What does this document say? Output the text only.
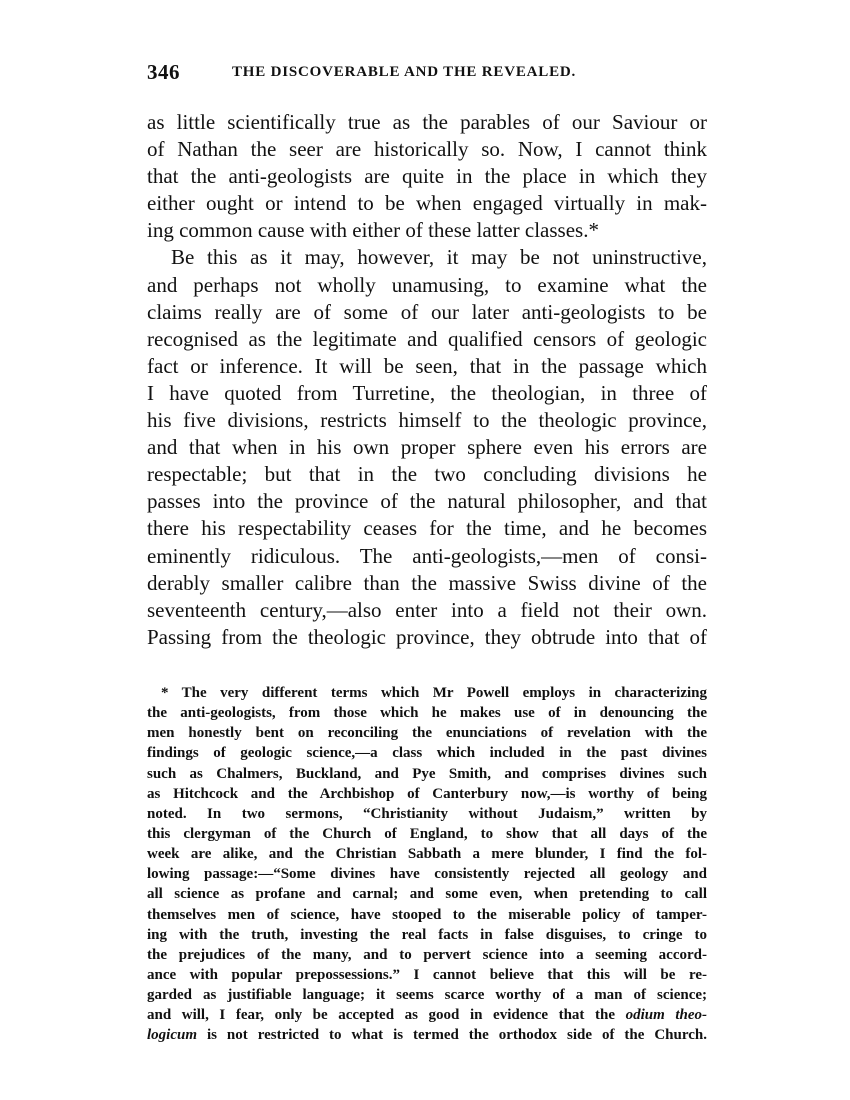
346	THE DISCOVERABLE AND THE REVEALED.
as little scientifically true as the parables of our Saviour or
of Nathan the seer are historically so. Now, I cannot think
that the anti-geologists are quite in the place in which they
either ought or intend to be when engaged virtually in mak-
ing common cause with either of these latter classes.*
Be this as it may, however, it may be not uninstructive,
and perhaps not wholly unamusing, to examine what the
claims really are of some of our later anti-geologists to be
recognised as the legitimate and qualified censors of geologic
fact or inference. It will be seen, that in the passage which
I have quoted from Turretine, the theologian, in three of
his five divisions, restricts himself to the theologic province,
and that when in his own proper sphere even his errors are
respectable; but that in the two concluding divisions he
passes into the province of the natural philosopher, and that
there his respectability ceases for the time, and he becomes
eminently ridiculous. The anti-geologists,—men of consi-
derably smaller calibre than the massive Swiss divine of the
seventeenth century,—also enter into a field not their own.
Passing from the theologic province, they obtrude into that of
* The very different terms which Mr Powell employs in characterizing
the anti-geologists, from those which he makes use of in denouncing the
men honestly bent on reconciling the enunciations of revelation with the
findings of geologic science,—a class which included in the past divines
such as Chalmers, Buckland, and Pye Smith, and comprises divines such
as Hitchcock and the Archbishop of Canterbury now,—is worthy of being
noted. In two sermons, “Christianity without Judaism,” written by
this clergyman of the Church of England, to show that all days of the
week are alike, and the Christian Sabbath a mere blunder, I find the fol-
lowing passage:—“Some divines have consistently rejected all geology and
all science as profane and carnal; and some even, when pretending to call
themselves men of science, have stooped to the miserable policy of tamper-
ing with the truth, investing the real facts in false disguises, to cringe to
the prejudices of the many, and to pervert science into a seeming accord-
ance with popular prepossessions.” I cannot believe that this will be re-
garded as justifiable language; it seems scarce worthy of a man of science;
and will, I fear, only be accepted as good in evidence that the odium theo-
logicum is not restricted to what is termed the orthodox side of the Church.
